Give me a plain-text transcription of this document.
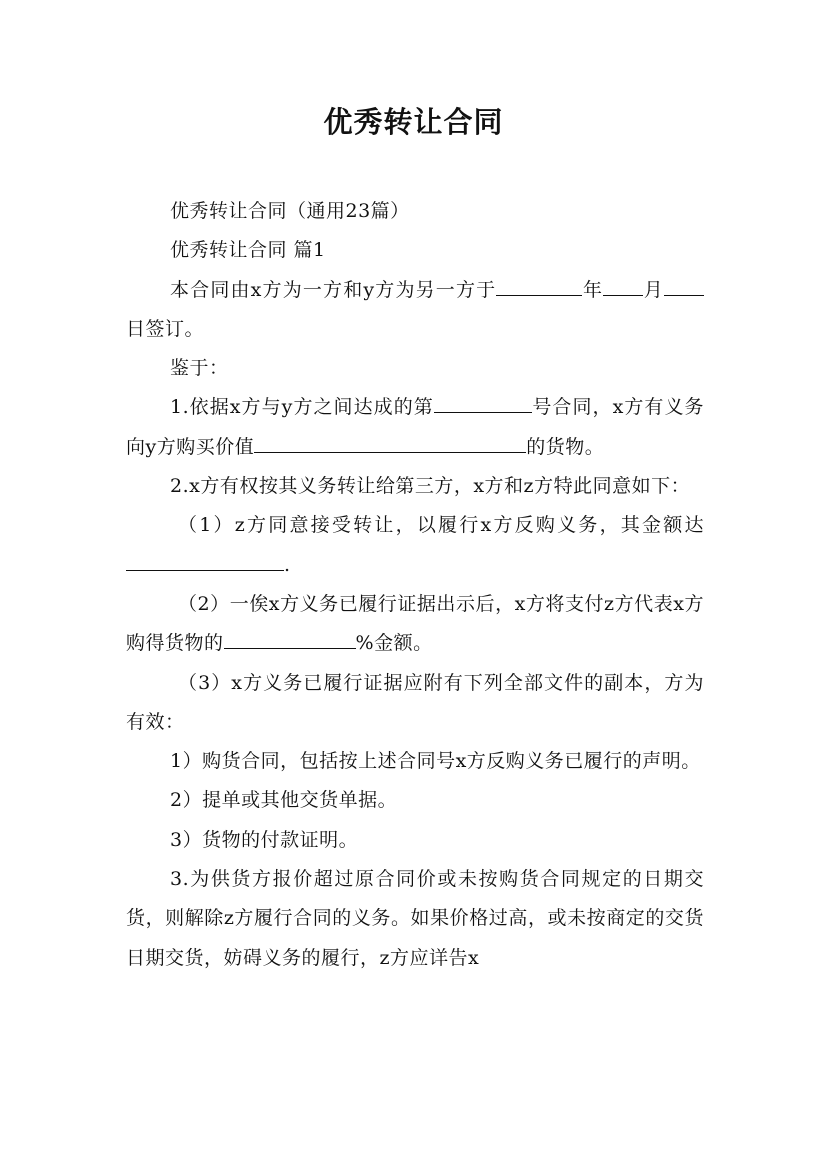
优秀转让合同

优秀转让合同（通用23篇）

优秀转让合同 篇1

本合同由x方为一方和y方为另一方于	年 月日签订。

鉴于：

1.依据x方与y方之间达成的第	号合同，x方有义务向y方购买价值	的货物。

2.x方有权按其义务转让给第三方，x方和z方特此同意如下：

（1）z方同意接受转让，以履行x方反购义务，其金额达.

（2）一俟x方义务已履行证据出示后，x方将支付z方代表x方购得货物的	%金额。

（3）x方义务已履行证据应附有下列全部文件的副本，方为有效：

1）购货合同，包括按上述合同号x方反购义务已履行的声明。

2）提单或其他交货单据。

3）货物的付款证明。

3.为供货方报价超过原合同价或未按购货合同规定的日期交货，则解除z方履行合同的义务。如果价格过高，或未按商定的交货日期交货，妨碍义务的履行，z方应详告x
